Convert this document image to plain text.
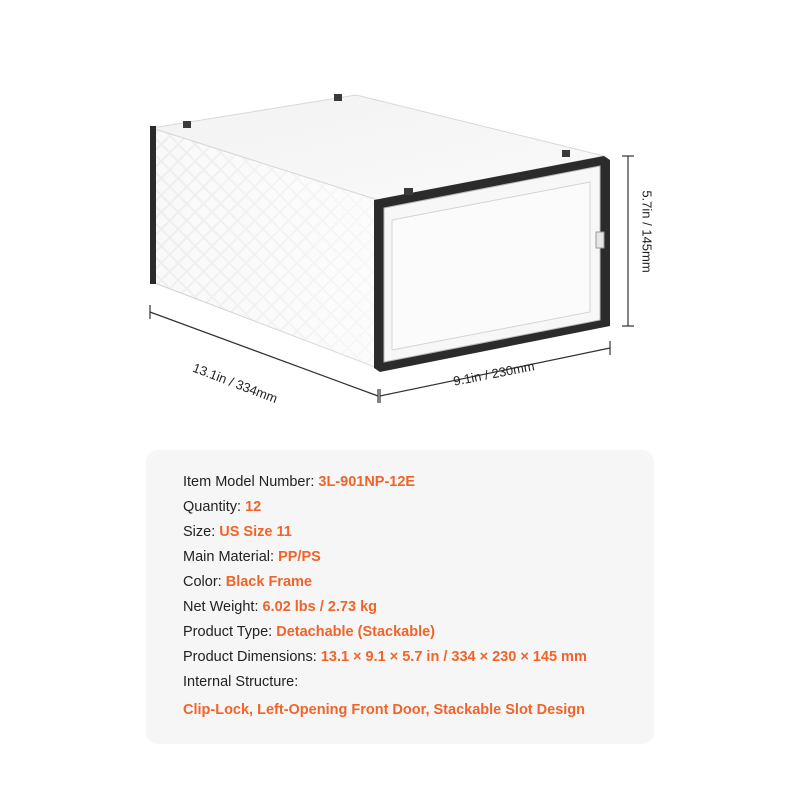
5.7in / 145mm
13.1in / 334mm	9.1in / 230mm
Item Model Number: 3L-901NP-12E
Quantity: 12
Size: US Size 11
Main Material: PP/PS
Color: Black Frame
Net Weight: 6.02 lbs / 2.73 kg
Product Type: Detachable (Stackable)
Product Dimensions: 13.1 × 9.1 × 5.7 in / 334 × 230 × 145 mm
Internal Structure:
Clip-Lock, Left-Opening Front Door, Stackable Slot Design
